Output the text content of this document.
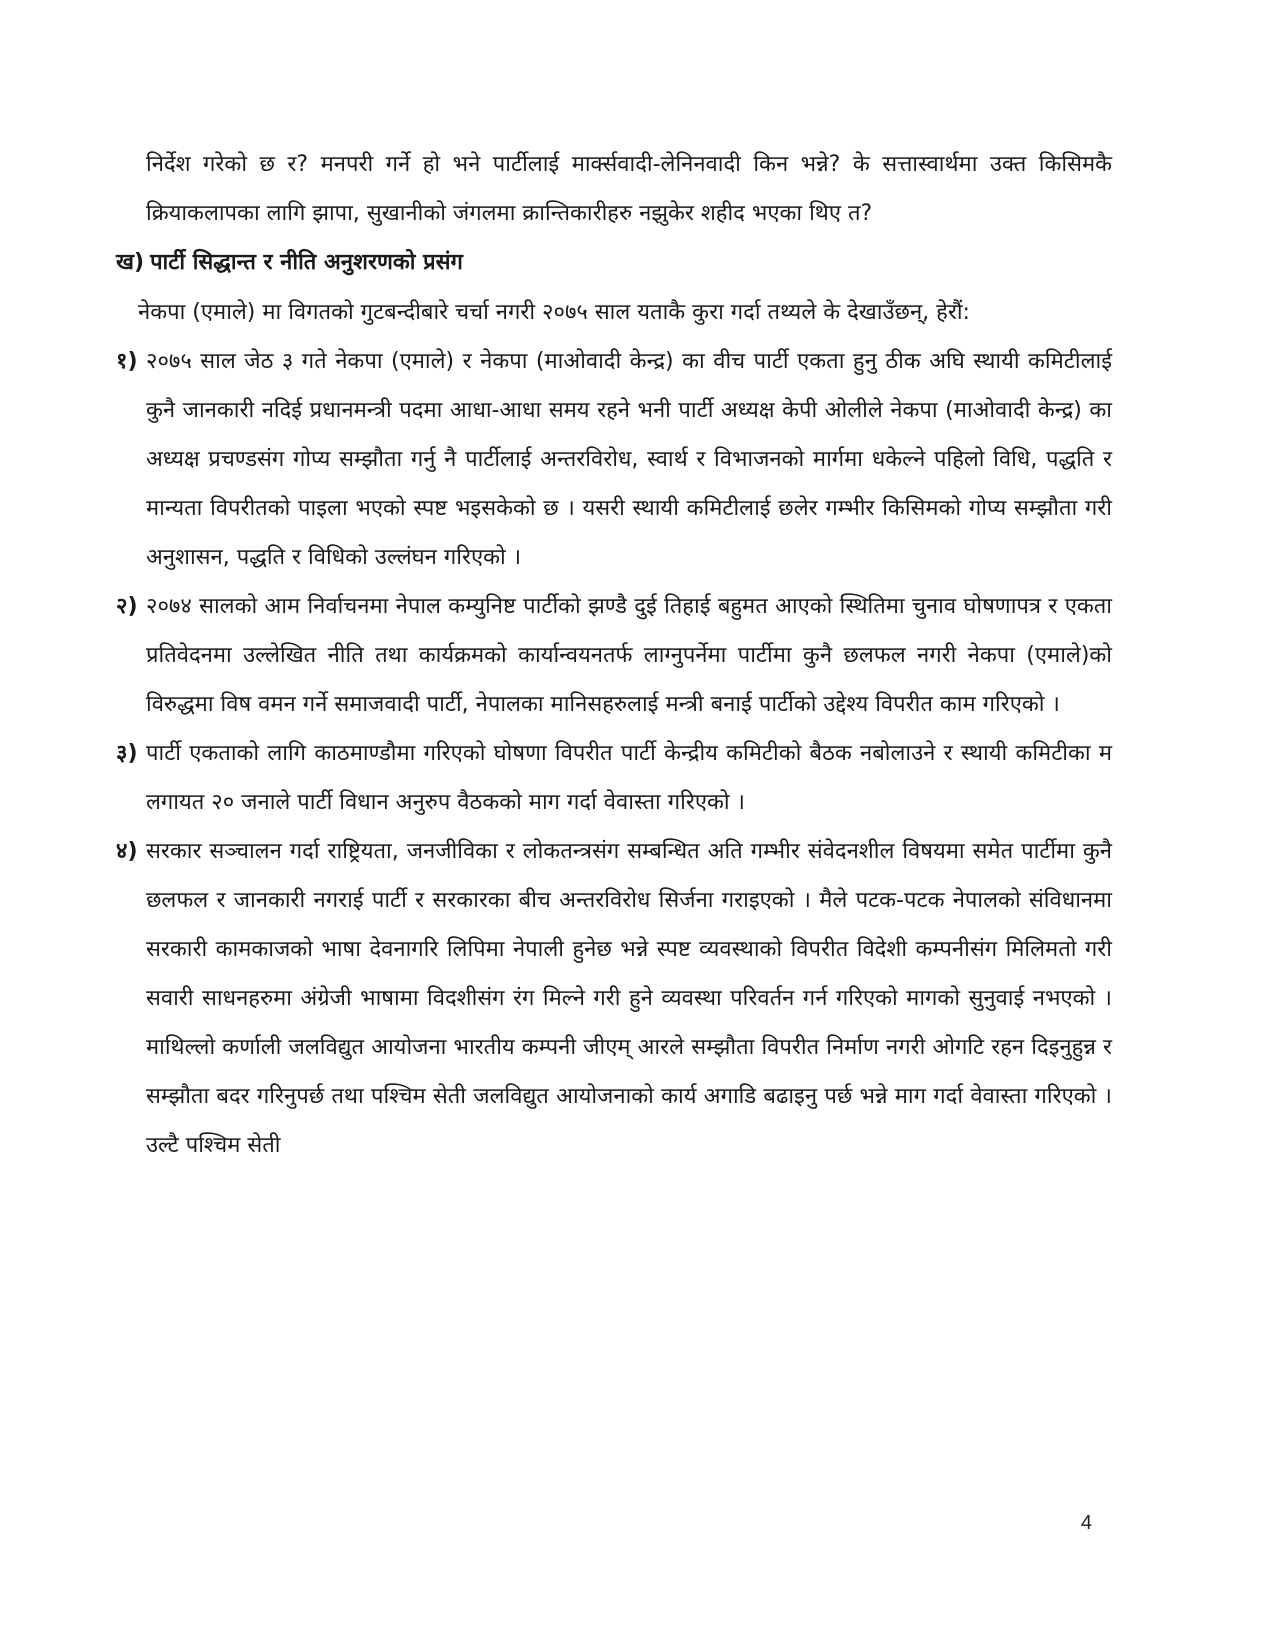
निर्देश गरेको छ र? मनपरी गर्ने हो भने पार्टीलाई मार्क्सवादी-लेनिनवादी किन भन्ने? के सत्तास्वार्थमा उक्त किसिमकै क्रियाकलापका लागि झापा, सुखानीको जंगलमा क्रान्तिकारीहरु नझुकेर शहीद भएका थिए त?

ख) पार्टी सिद्धान्त र नीति अनुशरणको प्रसंग

नेकपा (एमाले) मा विगतको गुटबन्दीबारे चर्चा नगरी २०७५ साल यताकै कुरा गर्दा तथ्यले के देखाउँछन्, हेरौं:

१) २०७५ साल जेठ ३ गते नेकपा (एमाले) र नेकपा (माओवादी केन्द्र) का वीच पार्टी एकता हुनु ठीक अघि स्थायी कमिटीलाई कुनै जानकारी नदिई प्रधानमन्त्री पदमा आधा-आधा समय रहने भनी पार्टी अध्यक्ष केपी ओलीले नेकपा (माओवादी केन्द्र) का अध्यक्ष प्रचण्डसंग गोप्य सम्झौता गर्नु नै पार्टीलाई अन्तरविरोध, स्वार्थ र विभाजनको मार्गमा धकेल्ने पहिलो विधि, पद्धति र मान्यता विपरीतको पाइला भएको स्पष्ट भइसकेको छ । यसरी स्थायी कमिटीलाई छलेर गम्भीर किसिमको गोप्य सम्झौता गरी अनुशासन, पद्धति र विधिको उल्लंघन गरिएको ।
२) २०७४ सालको आम निर्वाचनमा नेपाल कम्युनिष्ट पार्टीको झण्डै दुई तिहाई बहुमत आएको स्थितिमा चुनाव घोषणापत्र र एकता प्रतिवेदनमा उल्लेखित नीति तथा कार्यक्रमको कार्यान्वयनतर्फ लाग्नुपर्नेमा पार्टीमा कुनै छलफल नगरी नेकपा (एमाले)को विरुद्धमा विष वमन गर्ने समाजवादी पार्टी, नेपालका मानिसहरुलाई मन्त्री बनाई पार्टीको उद्देश्य विपरीत काम गरिएको ।
३) पार्टी एकताको लागि काठमाण्डौमा गरिएको घोषणा विपरीत पार्टी केन्द्रीय कमिटीको बैठक नबोलाउने र स्थायी कमिटीका म लगायत २० जनाले पार्टी विधान अनुरुप वैठकको माग गर्दा वेवास्ता गरिएको ।
४) सरकार सञ्चालन गर्दा राष्ट्रियता, जनजीविका र लोकतन्त्रसंग सम्बन्धित अति गम्भीर संवेदनशील विषयमा समेत पार्टीमा कुनै छलफल र जानकारी नगराई पार्टी र सरकारका बीच अन्तरविरोध सिर्जना गराइएको । मैले पटक-पटक नेपालको संविधानमा सरकारी कामकाजको भाषा देवनागरि लिपिमा नेपाली हुनेछ भन्ने स्पष्ट व्यवस्थाको विपरीत विदेशी कम्पनीसंग मिलिमतो गरी सवारी साधनहरुमा अंग्रेजी भाषामा विदशीसंग रंग मिल्ने गरी हुने व्यवस्था परिवर्तन गर्न गरिएको मागको सुनुवाई नभएको । माथिल्लो कर्णाली जलविद्युत आयोजना भारतीय कम्पनी जीएम् आरले सम्झौता विपरीत निर्माण नगरी ओगटि रहन दिइनुहुन्न र सम्झौता बदर गरिनुपर्छ तथा पश्चिम सेती जलविद्युत आयोजनाको कार्य अगाडि बढाइनु पर्छ भन्ने माग गर्दा वेवास्ता गरिएको । उल्टै पश्चिम सेती
4
